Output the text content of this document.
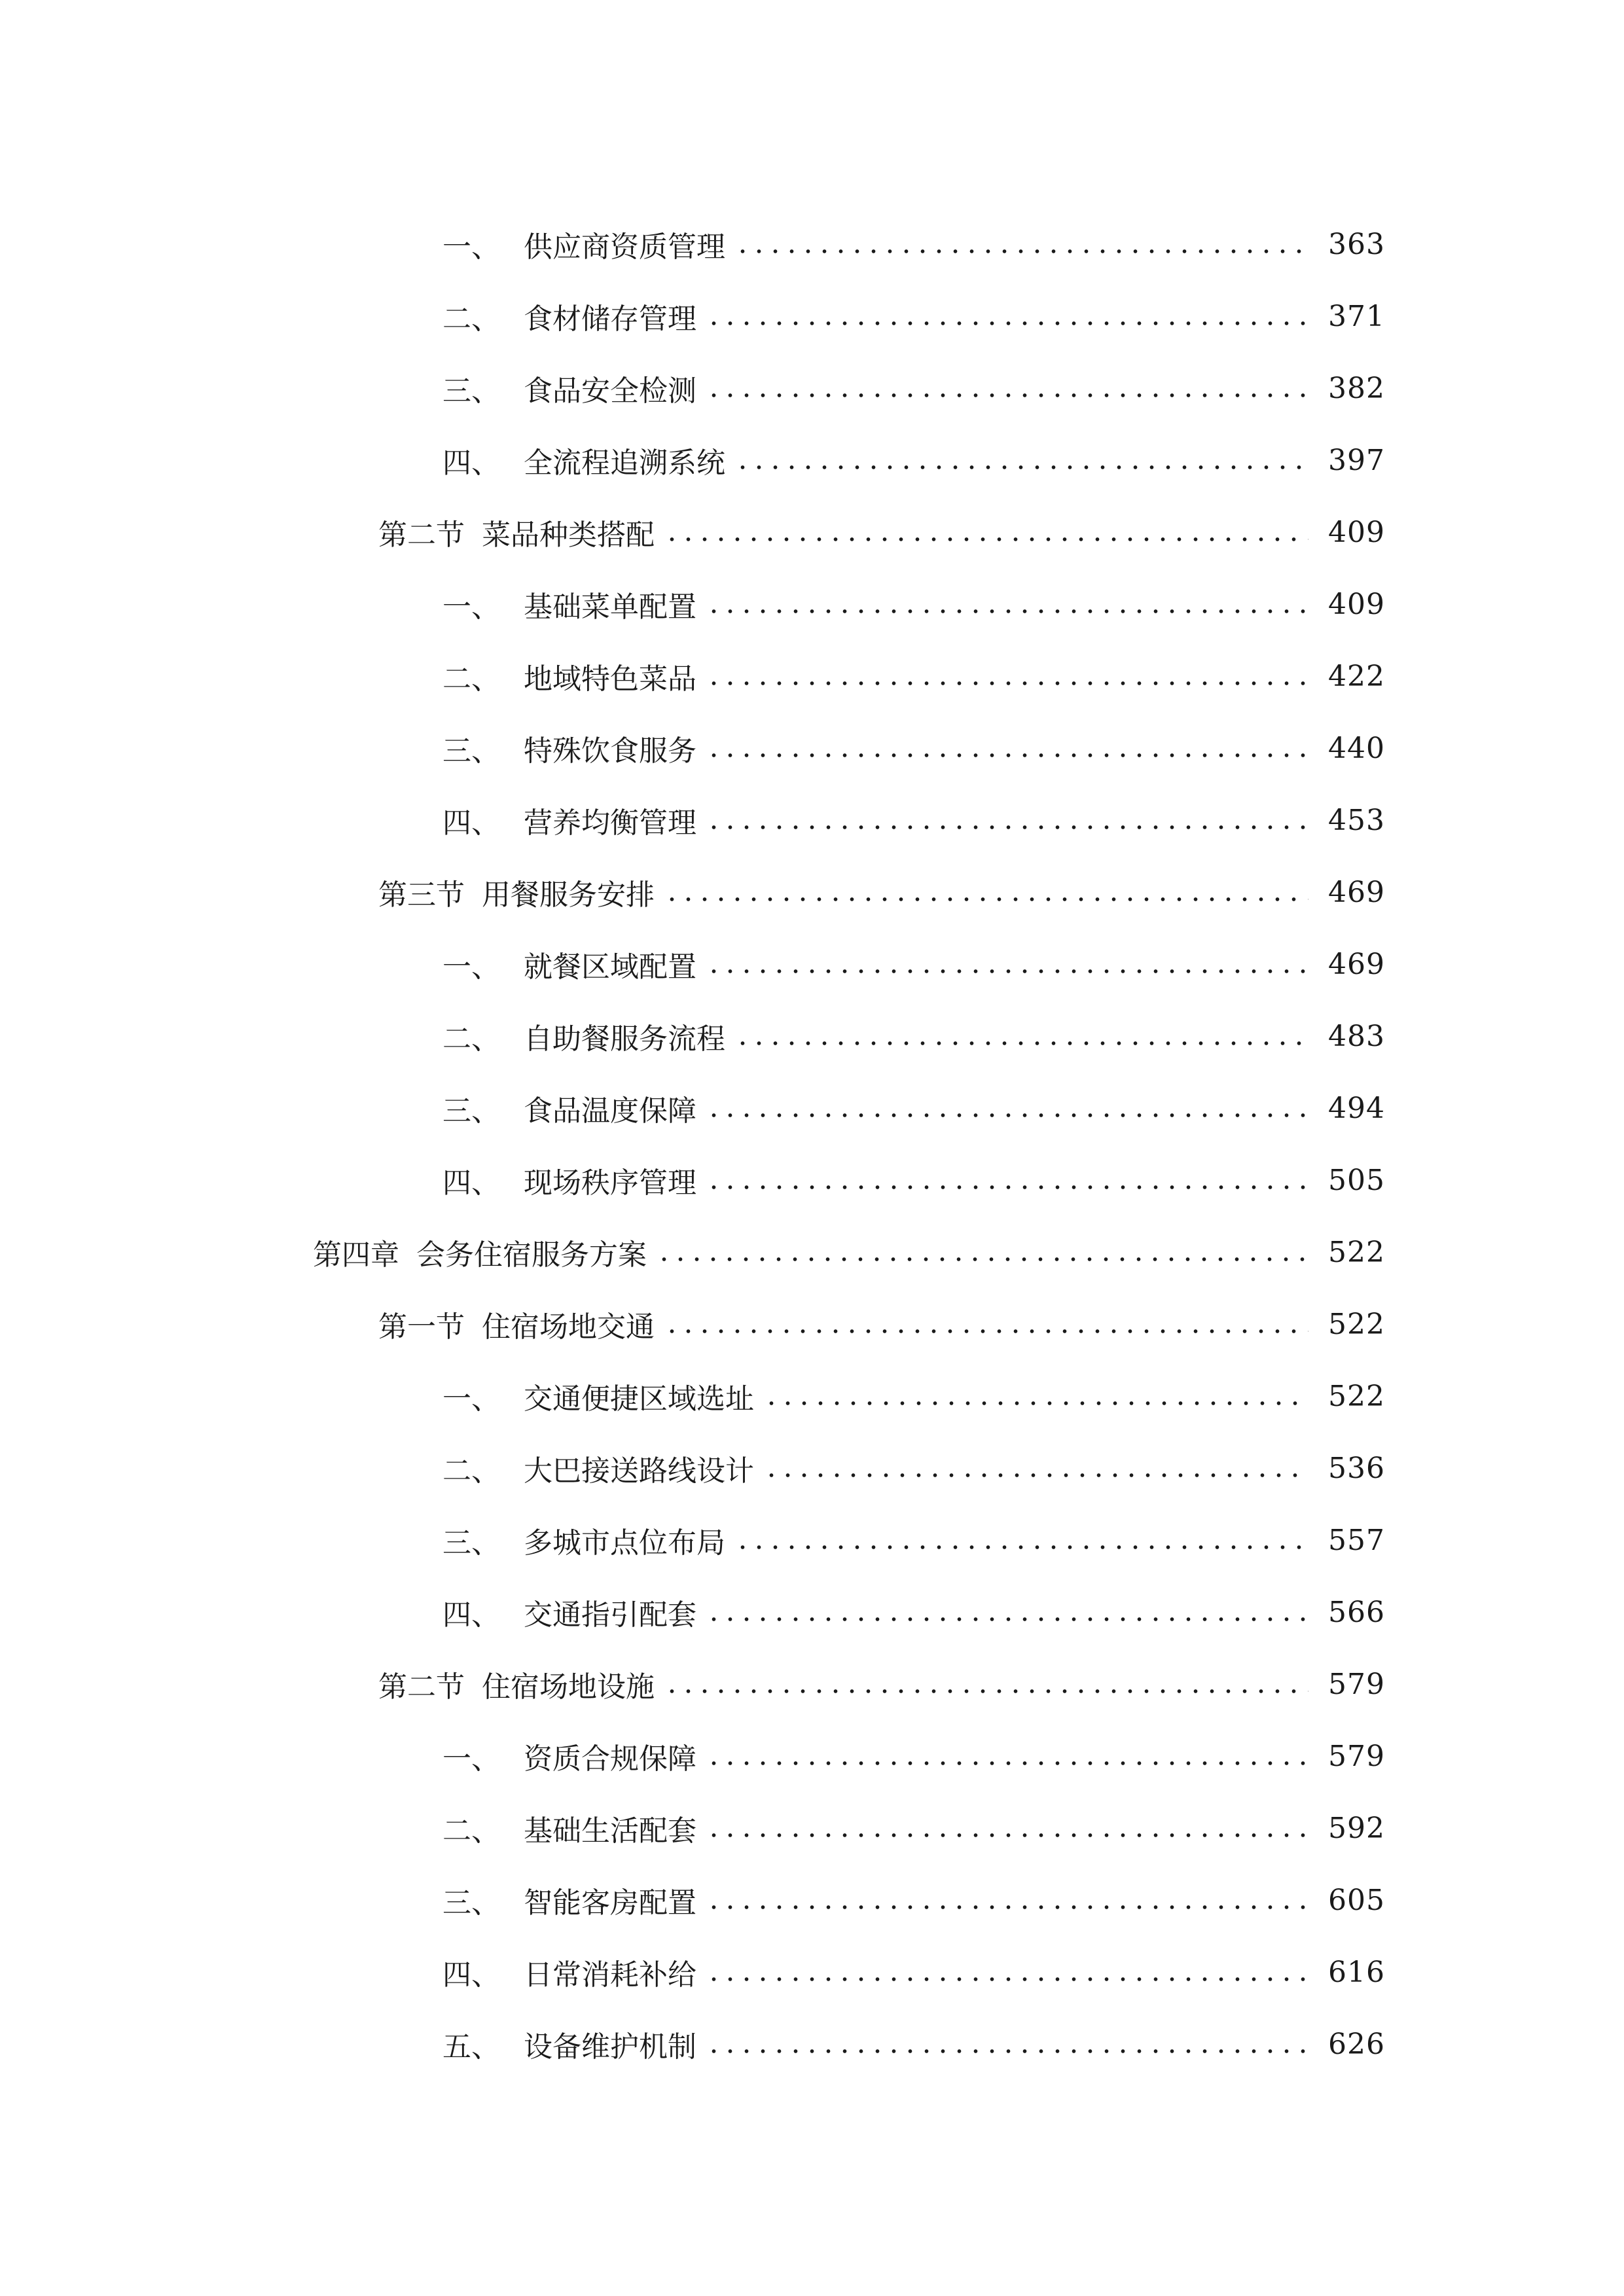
一、 供应商资质管理	363
二、 食材储存管理	371
三、 食品安全检测	382
四、 全流程追溯系统	397
第二节 菜品种类搭配	409
一、 基础菜单配置	409
二、 地域特色菜品	422
三、 特殊饮食服务	440
四、 营养均衡管理	453
第三节 用餐服务安排	469
一、 就餐区域配置	469
二、 自助餐服务流程	483
三、 食品温度保障	494
四、 现场秩序管理	505
第四章 会务住宿服务方案	522
第一节 住宿场地交通	522
一、 交通便捷区域选址	522
二、 大巴接送路线设计	536
三、 多城市点位布局	557
四、 交通指引配套	566
第二节 住宿场地设施	579
一、 资质合规保障	579
二、 基础生活配套	592
三、 智能客房配置	605
四、 日常消耗补给	616
五、 设备维护机制	626
